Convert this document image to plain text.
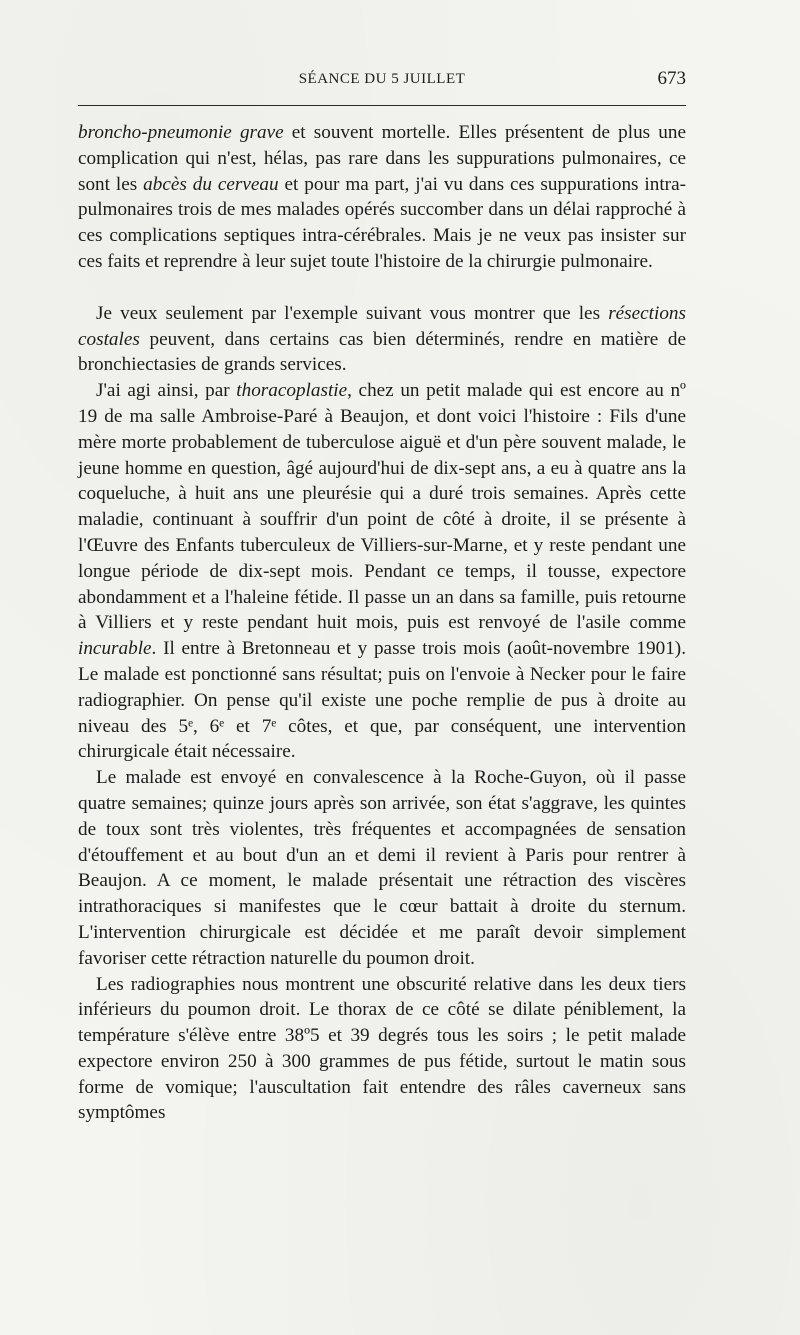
SÉANCE DU 5 JUILLET	673

broncho-pneumonie grave et souvent mortelle. Elles présentent de plus une complication qui n'est, hélas, pas rare dans les suppurations pulmonaires, ce sont les abcès du cerveau et pour ma part, j'ai vu dans ces suppurations intra-pulmonaires trois de mes malades opérés succomber dans un délai rapproché à ces complications septiques intra-cérébrales. Mais je ne veux pas insister sur ces faits et reprendre à leur sujet toute l'histoire de la chirurgie pulmonaire.

Je veux seulement par l'exemple suivant vous montrer que les résections costales peuvent, dans certains cas bien déterminés, rendre en matière de bronchiectasies de grands services.

J'ai agi ainsi, par thoracoplastie, chez un petit malade qui est encore au nº 19 de ma salle Ambroise-Paré à Beaujon, et dont voici l'histoire : Fils d'une mère morte probablement de tuberculose aiguë et d'un père souvent malade, le jeune homme en question, âgé aujourd'hui de dix-sept ans, a eu à quatre ans la coqueluche, à huit ans une pleurésie qui a duré trois semaines. Après cette maladie, continuant à souffrir d'un point de côté à droite, il se présente à l'Œuvre des Enfants tuberculeux de Villiers-sur-Marne, et y reste pendant une longue période de dix-sept mois. Pendant ce temps, il tousse, expectore abondamment et a l'haleine fétide. Il passe un an dans sa famille, puis retourne à Villiers et y reste pendant huit mois, puis est renvoyé de l'asile comme incurable. Il entre à Bretonneau et y passe trois mois (août-novembre 1901). Le malade est ponctionné sans résultat; puis on l'envoie à Necker pour le faire radiographier. On pense qu'il existe une poche remplie de pus à droite au niveau des 5ᵉ, 6ᵉ et 7ᵉ côtes, et que, par conséquent, une intervention chirurgicale était nécessaire.

Le malade est envoyé en convalescence à la Roche-Guyon, où il passe quatre semaines; quinze jours après son arrivée, son état s'aggrave, les quintes de toux sont très violentes, très fréquentes et accompagnées de sensation d'étouffement et au bout d'un an et demi il revient à Paris pour rentrer à Beaujon. A ce moment, le malade présentait une rétraction des viscères intrathoraciques si manifestes que le cœur battait à droite du sternum. L'intervention chirurgicale est décidée et me paraît devoir simplement favoriser cette rétraction naturelle du poumon droit.

Les radiographies nous montrent une obscurité relative dans les deux tiers inférieurs du poumon droit. Le thorax de ce côté se dilate péniblement, la température s'élève entre 38º5 et 39 degrés tous les soirs ; le petit malade expectore environ 250 à 300 grammes de pus fétide, surtout le matin sous forme de vomique; l'auscultation fait entendre des râles caverneux sans symptômes
